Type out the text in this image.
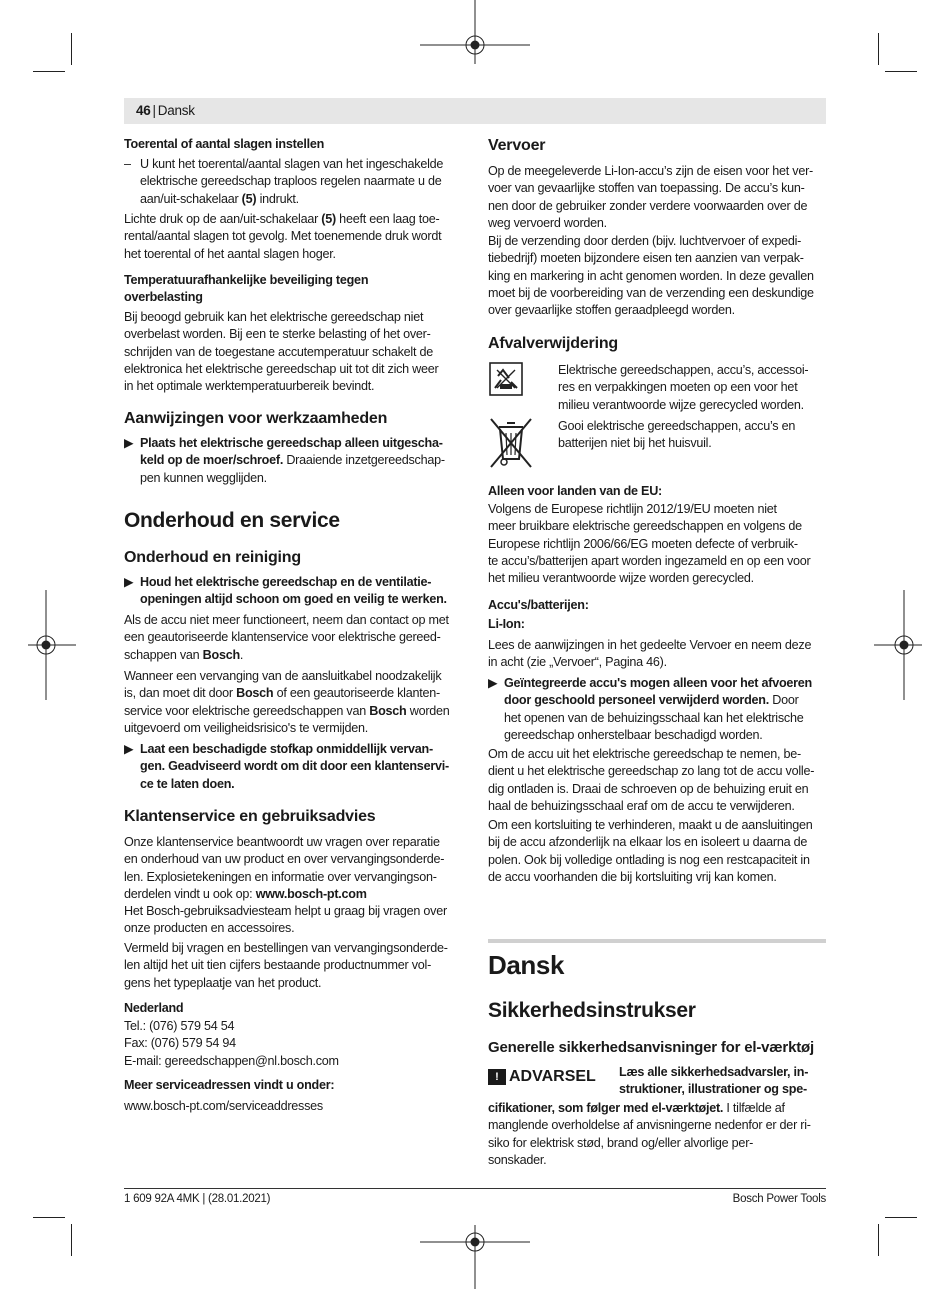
46 | Dansk
Toerental of aantal slagen instellen
– U kunt het toerental/aantal slagen van het ingeschakelde
elektrische gereedschap traploos regelen naarmate u de
aan/uit-schakelaar (5) indrukt.
Lichte druk op de aan/uit-schakelaar (5) heeft een laag toe-
rental/aantal slagen tot gevolg. Met toenemende druk wordt
het toerental of het aantal slagen hoger.
Temperatuurafhankelijke beveiliging tegen
overbelasting
Bij beoogd gebruik kan het elektrische gereedschap niet
overbelast worden. Bij een te sterke belasting of het over-
schrijden van de toegestane accutemperatuur schakelt de
elektronica het elektrische gereedschap uit tot dit zich weer
in het optimale werktemperatuurbereik bevindt.
Aanwijzingen voor werkzaamheden
▶ Plaats het elektrische gereedschap alleen uitgescha-
keld op de moer/schroef. Draaiende inzetgereedschap-
pen kunnen wegglijden.
Onderhoud en service
Onderhoud en reiniging
▶ Houd het elektrische gereedschap en de ventilatie-
openingen altijd schoon om goed en veilig te werken.
Als de accu niet meer functioneert, neem dan contact op met
een geautoriseerde klantenservice voor elektrische gereed-
schappen van Bosch.
Wanneer een vervanging van de aansluitkabel noodzakelijk
is, dan moet dit door Bosch of een geautoriseerde klanten-
service voor elektrische gereedschappen van Bosch worden
uitgevoerd om veiligheidsrisico's te vermijden.
▶ Laat een beschadigde stofkap onmiddellijk vervan-
gen. Geadviseerd wordt om dit door een klantenservi-
ce te laten doen.
Klantenservice en gebruiksadvies
Onze klantenservice beantwoordt uw vragen over reparatie
en onderhoud van uw product en over vervangingsonderde-
len. Explosietekeningen en informatie over vervangingson-
derdelen vindt u ook op: www.bosch-pt.com
Het Bosch-gebruiksadviesteam helpt u graag bij vragen over
onze producten en accessoires.
Vermeld bij vragen en bestellingen van vervangingsonderde-
len altijd het uit tien cijfers bestaande productnummer vol-
gens het typeplaatje van het product.
Nederland
Tel.: (076) 579 54 54
Fax: (076) 579 54 94
E-mail: gereedschappen@nl.bosch.com
Meer serviceadressen vindt u onder:
www.bosch-pt.com/serviceaddresses
Vervoer
Op de meegeleverde Li-Ion-accu’s zijn de eisen voor het ver-
voer van gevaarlijke stoffen van toepassing. De accu’s kun-
nen door de gebruiker zonder verdere voorwaarden over de
weg vervoerd worden.
Bij de verzending door derden (bijv. luchtvervoer of expedi-
tiebedrijf) moeten bijzondere eisen ten aanzien van verpak-
king en markering in acht genomen worden. In deze gevallen
moet bij de voorbereiding van de verzending een deskundige
over gevaarlijke stoffen geraadpleegd worden.
Afvalverwijdering
Elektrische gereedschappen, accu’s, accessoi-
res en verpakkingen moeten op een voor het
milieu verantwoorde wijze gerecycled worden.
Gooi elektrische gereedschappen, accu’s en
batterijen niet bij het huisvuil.
Alleen voor landen van de EU:
Volgens de Europese richtlijn 2012/19/EU moeten niet
meer bruikbare elektrische gereedschappen en volgens de
Europese richtlijn 2006/66/EG moeten defecte of verbruik-
te accu’s/batterijen apart worden ingezameld en op een voor
het milieu verantwoorde wijze worden gerecycled.
Accu's/batterijen:
Li-Ion:
Lees de aanwijzingen in het gedeelte Vervoer en neem deze
in acht (zie „Vervoer“, Pagina 46).
▶ Geïntegreerde accu's mogen alleen voor het afvoeren
door geschoold personeel verwijderd worden. Door
het openen van de behuizingsschaal kan het elektrische
gereedschap onherstelbaar beschadigd worden.
Om de accu uit het elektrische gereedschap te nemen, be-
dient u het elektrische gereedschap zo lang tot de accu volle-
dig ontladen is. Draai de schroeven op de behuizing eruit en
haal de behuizingsschaal eraf om de accu te verwijderen.
Om een kortsluiting te verhinderen, maakt u de aansluitingen
bij de accu afzonderlijk na elkaar los en isoleert u daarna de
polen. Ook bij volledige ontlading is nog een restcapaciteit in
de accu voorhanden die bij kortsluiting vrij kan komen.
Dansk
Sikkerhedsinstrukser
Generelle sikkerhedsanvisninger for el-værktøj
! ADVARSEL Læs alle sikkerhedsadvarsler, in-
struktioner, illustrationer og spe-
cifikationer, som følger med el-værktøjet. I tilfælde af
manglende overholdelse af anvisningerne nedenfor er der ri-
siko for elektrisk stød, brand og/eller alvorlige per-
sonskader.
1 609 92A 4MK | (28.01.2021)	Bosch Power Tools
